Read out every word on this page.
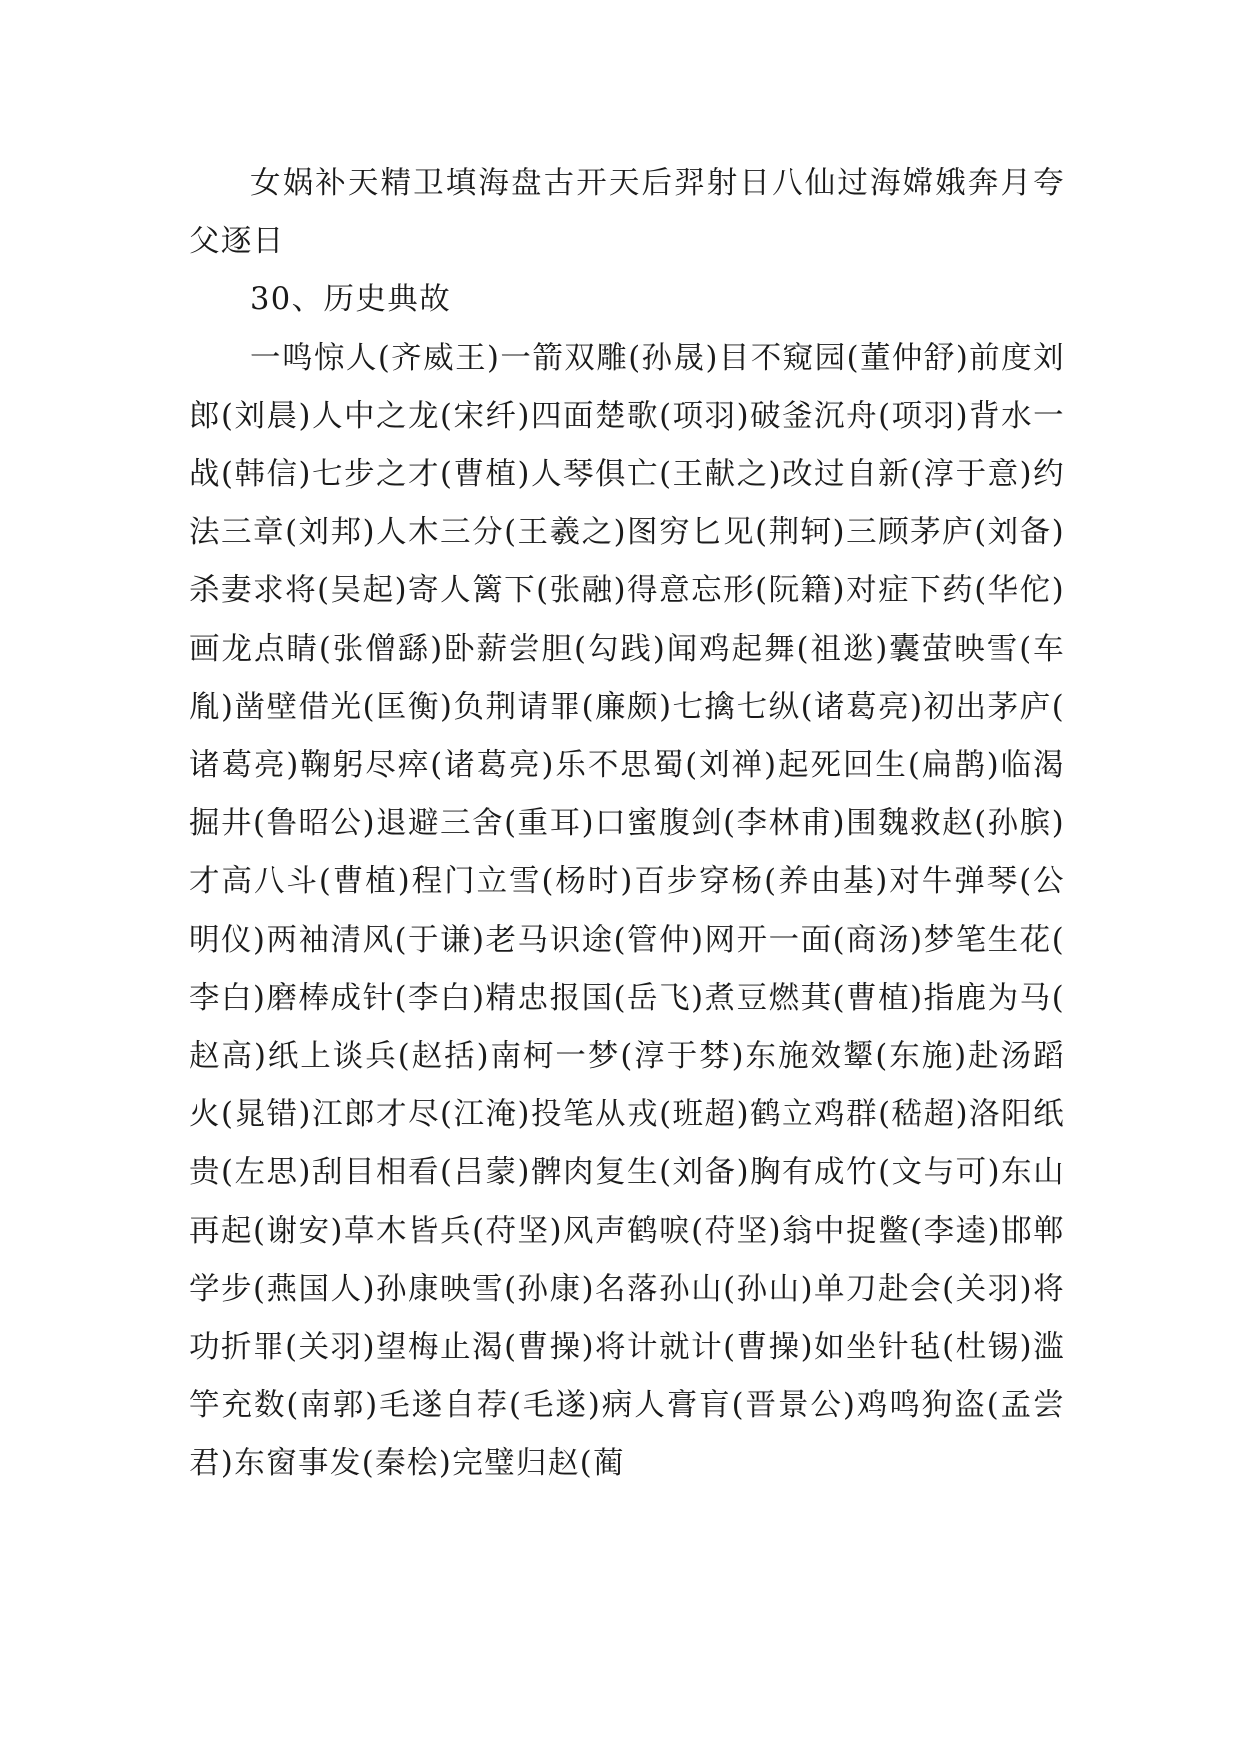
女娲补天精卫填海盘古开天后羿射日八仙过海嫦娥奔月夸父逐日

30、历史典故

一鸣惊人(齐威王)一箭双雕(孙晟)目不窥园(董仲舒)前度刘郎(刘晨)人中之龙(宋纤)四面楚歌(项羽)破釜沉舟(项羽)背水一战(韩信)七步之才(曹植)人琴俱亡(王献之)改过自新(淳于意)约法三章(刘邦)人木三分(王羲之)图穷匕见(荆轲)三顾茅庐(刘备)杀妻求将(吴起)寄人篱下(张融)得意忘形(阮籍)对症下药(华佗)画龙点睛(张僧繇)卧薪尝胆(勾践)闻鸡起舞(祖逖)囊萤映雪(车胤)凿壁借光(匡衡)负荆请罪(廉颇)七擒七纵(诸葛亮)初出茅庐(诸葛亮)鞠躬尽瘁(诸葛亮)乐不思蜀(刘禅)起死回生(扁鹊)临渴掘井(鲁昭公)退避三舍(重耳)口蜜腹剑(李林甫)围魏救赵(孙膑)才高八斗(曹植)程门立雪(杨时)百步穿杨(养由基)对牛弹琴(公明仪)两袖清风(于谦)老马识途(管仲)网开一面(商汤)梦笔生花(李白)磨棒成针(李白)精忠报国(岳飞)煮豆燃萁(曹植)指鹿为马(赵高)纸上谈兵(赵括)南柯一梦(淳于棼)东施效颦(东施)赴汤蹈火(晁错)江郎才尽(江淹)投笔从戎(班超)鹤立鸡群(嵇超)洛阳纸贵(左思)刮目相看(吕蒙)髀肉复生(刘备)胸有成竹(文与可)东山再起(谢安)草木皆兵(苻坚)风声鹤唳(苻坚)翁中捉鳖(李逵)邯郸学步(燕国人)孙康映雪(孙康)名落孙山(孙山)单刀赴会(关羽)将功折罪(关羽)望梅止渴(曹操)将计就计(曹操)如坐针毡(杜锡)滥竽充数(南郭)毛遂自荐(毛遂)病人膏肓(晋景公)鸡鸣狗盗(孟尝君)东窗事发(秦桧)完璧归赵(蔺
